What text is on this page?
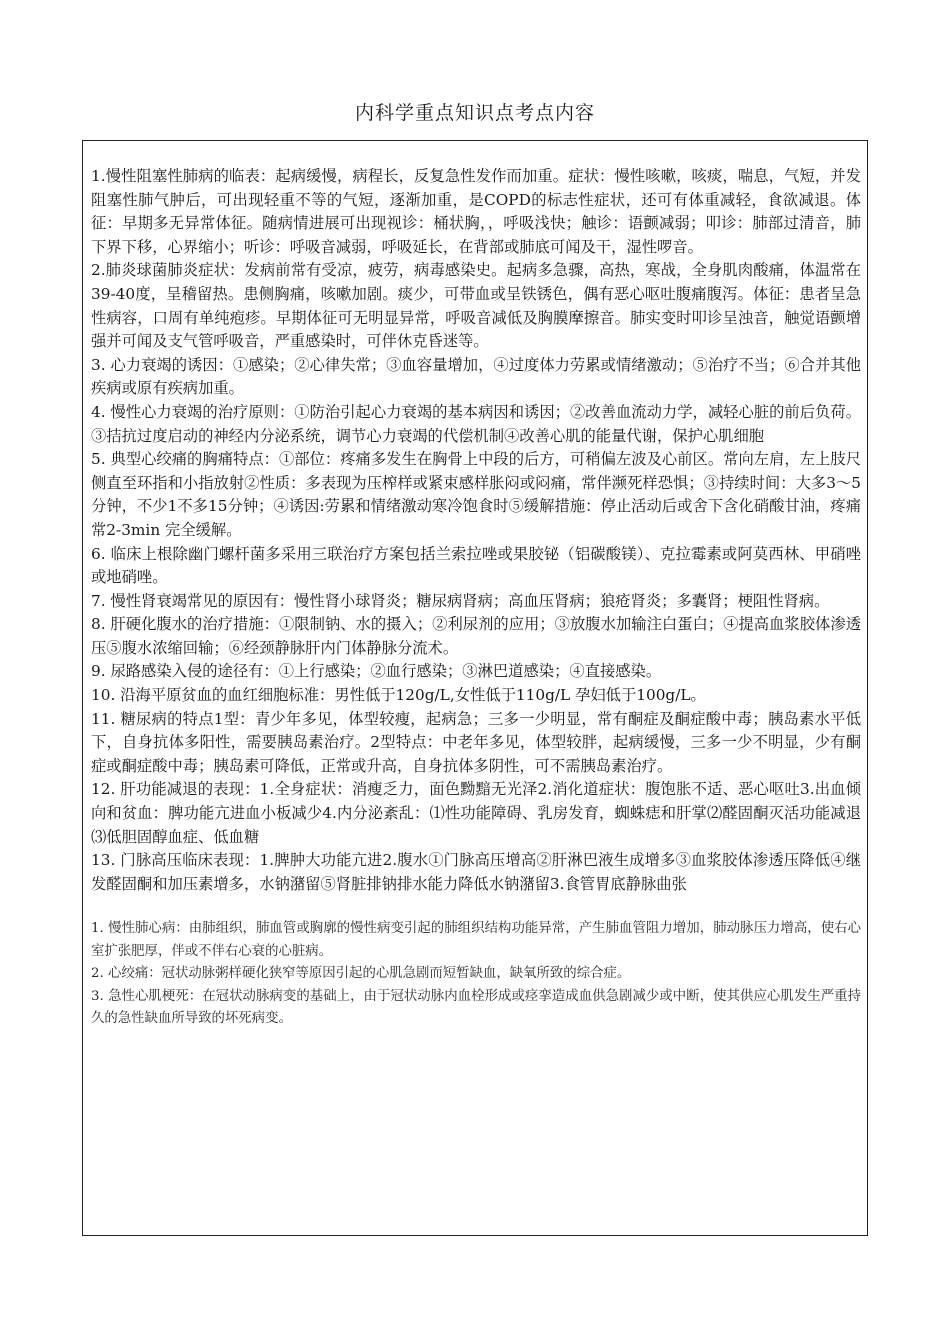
内科学重点知识点考点内容

1.慢性阻塞性肺病的临表：起病缓慢，病程长，反复急性发作而加重。症状：慢性咳嗽，咳痰，喘息，气短，并发阻塞性肺气肿后，可出现轻重不等的气短，逐渐加重，是COPD的标志性症状，还可有体重减轻，食欲减退。体征：早期多无异常体征。随病情进展可出现视诊：桶状胸，，呼吸浅快；触诊：语颤减弱；叩诊：肺部过清音，肺下界下移，心界缩小；听诊：呼吸音减弱，呼吸延长，在背部或肺底可闻及干，湿性啰音。

2.肺炎球菌肺炎症状：发病前常有受凉，疲劳，病毒感染史。起病多急骤，高热，寒战，全身肌肉酸痛，体温常在39-40度，呈稽留热。患侧胸痛，咳嗽加剧。痰少，可带血或呈铁锈色，偶有恶心呕吐腹痛腹泻。体征：患者呈急性病容，口周有单纯疱疹。早期体征可无明显异常，呼吸音减低及胸膜摩擦音。肺实变时叩诊呈浊音，触觉语颤增强并可闻及支气管呼吸音，严重感染时，可伴休克昏迷等。

3. 心力衰竭的诱因：①感染；②心律失常；③血容量增加，④过度体力劳累或情绪激动；⑤治疗不当；⑥合并其他疾病或原有疾病加重。

4. 慢性心力衰竭的治疗原则：①防治引起心力衰竭的基本病因和诱因；②改善血流动力学，减轻心脏的前后负荷。③拮抗过度启动的神经内分泌系统，调节心力衰竭的代偿机制④改善心肌的能量代谢，保护心肌细胞

5. 典型心绞痛的胸痛特点：①部位：疼痛多发生在胸骨上中段的后方，可稍偏左波及心前区。常向左肩，左上肢尺侧直至环指和小指放射②性质：多表现为压榨样或紧束感样胀闷或闷痛，常伴濒死样恐惧；③持续时间：大多3～5分钟，不少1不多15分钟；④诱因:劳累和情绪激动寒冷饱食时⑤缓解措施：停止活动后或舍下含化硝酸甘油，疼痛常2-3min 完全缓解。

6. 临床上根除幽门螺杆菌多采用三联治疗方案包括兰索拉唑或果胶铋（铝碳酸镁）、克拉霉素或阿莫西林、甲硝唑或地硝唑。

7. 慢性肾衰竭常见的原因有：慢性肾小球肾炎；糖尿病肾病；高血压肾病；狼疮肾炎；多囊肾；梗阻性肾病。

8. 肝硬化腹水的治疗措施：①限制钠、水的摄入；②利尿剂的应用；③放腹水加输注白蛋白；④提高血浆胶体渗透压⑤腹水浓缩回输；⑥经颈静脉肝内门体静脉分流术。

9. 尿路感染入侵的途径有：①上行感染；②血行感染；③淋巴道感染；④直接感染。

10. 沿海平原贫血的血红细胞标准：男性低于120g/L,女性低于110g/L 孕妇低于100g/L。

11. 糖尿病的特点1型：青少年多见，体型较瘦，起病急；三多一少明显，常有酮症及酮症酸中毒；胰岛素水平低下，自身抗体多阳性，需要胰岛素治疗。2型特点：中老年多见，体型较胖，起病缓慢，三多一少不明显，少有酮症或酮症酸中毒；胰岛素可降低，正常或升高，自身抗体多阴性，可不需胰岛素治疗。

12. 肝功能减退的表现：1.全身症状：消瘦乏力，面色黝黯无光泽2.消化道症状：腹饱胀不适、恶心呕吐3.出血倾向和贫血：脾功能亢进血小板减少4.内分泌紊乱：⑴性功能障碍、乳房发育，蜘蛛痣和肝掌⑵醛固酮灭活功能减退⑶低胆固醇血症、低血糖

13. 门脉高压临床表现：1.脾肿大功能亢进2.腹水①门脉高压增高②肝淋巴液生成增多③血浆胶体渗透压降低④继发醛固酮和加压素增多，水钠潴留⑤肾脏排钠排水能力降低水钠潴留3.食管胃底静脉曲张

1. 慢性肺心病：由肺组织，肺血管或胸廓的慢性病变引起的肺组织结构功能异常，产生肺血管阻力增加，肺动脉压力增高，使右心室扩张肥厚，伴或不伴右心衰的心脏病。

2. 心绞痛：冠状动脉粥样硬化狭窄等原因引起的心肌急剧而短暂缺血，缺氧所致的综合症。

3. 急性心肌梗死：在冠状动脉病变的基础上，由于冠状动脉内血栓形成或痉挛造成血供急剧减少或中断，使其供应心肌发生严重持久的急性缺血所导致的坏死病变。
